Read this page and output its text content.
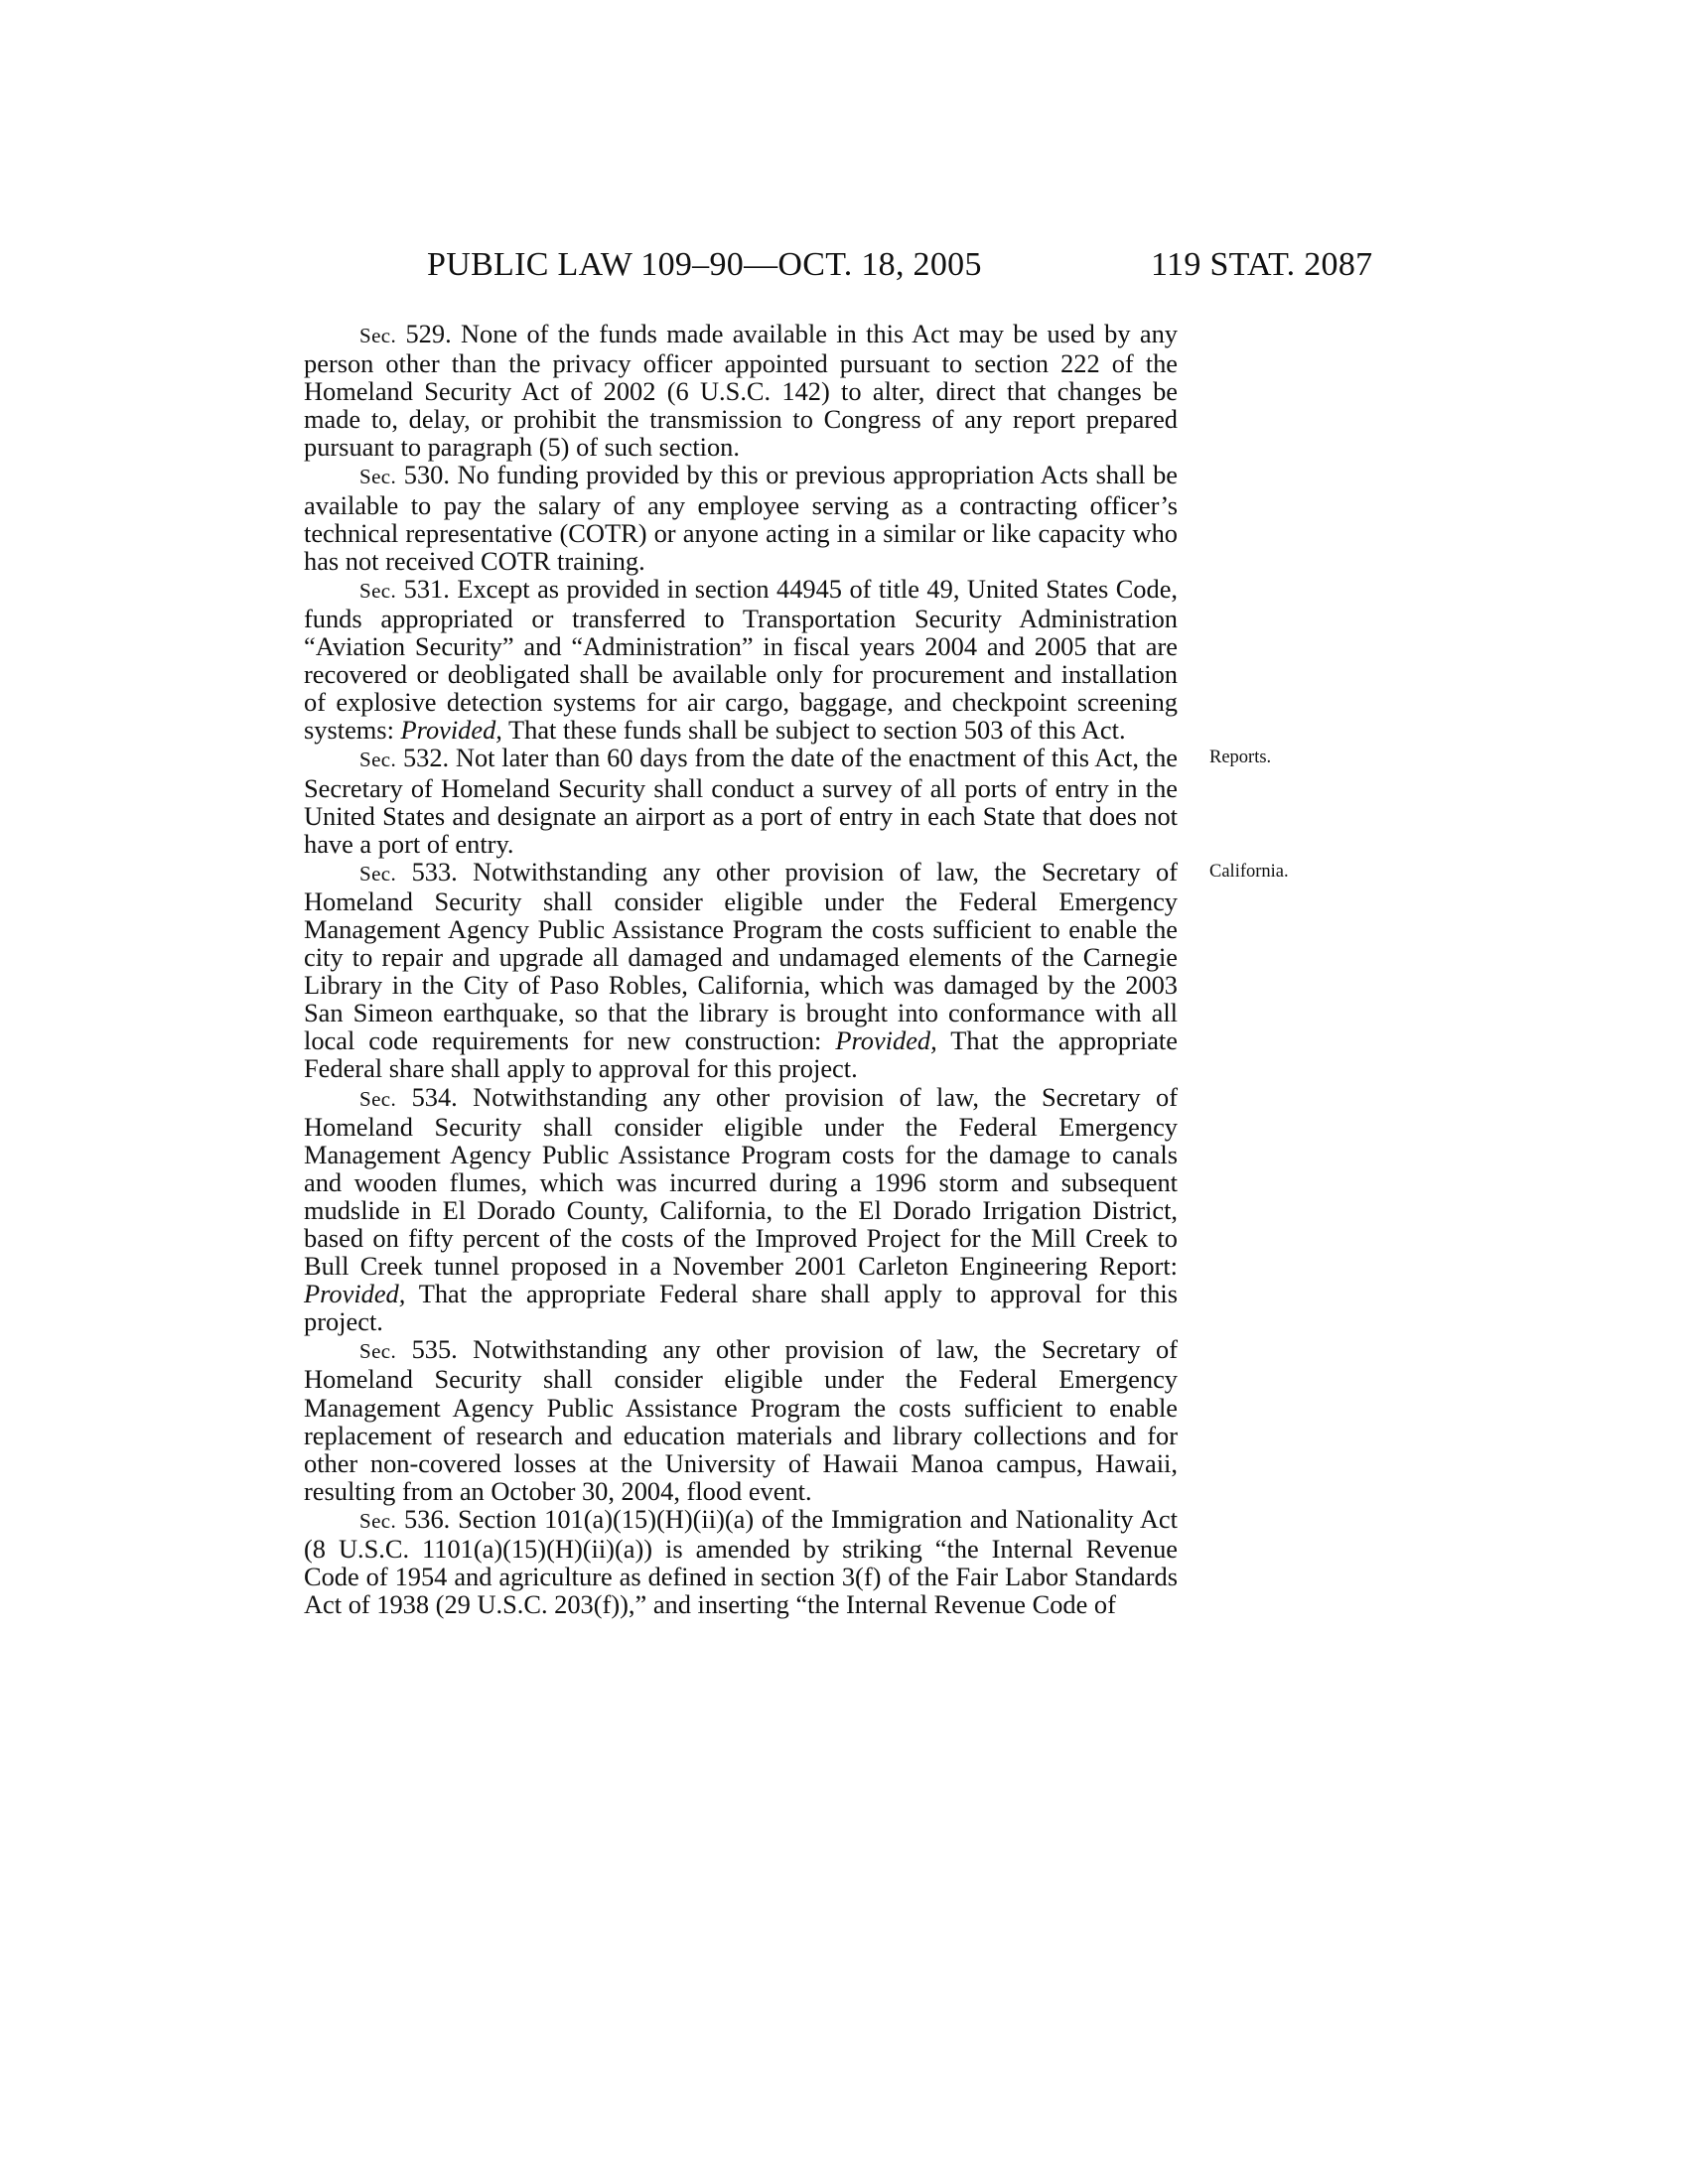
PUBLIC LAW 109–90—OCT. 18, 2005	119 STAT. 2087

Sec. 529. None of the funds made available in this Act may be used by any person other than the privacy officer appointed pursuant to section 222 of the Homeland Security Act of 2002 (6 U.S.C. 142) to alter, direct that changes be made to, delay, or prohibit the transmission to Congress of any report prepared pursuant to paragraph (5) of such section.

Sec. 530. No funding provided by this or previous appropriation Acts shall be available to pay the salary of any employee serving as a contracting officer’s technical representative (COTR) or anyone acting in a similar or like capacity who has not received COTR training.

Sec. 531. Except as provided in section 44945 of title 49, United States Code, funds appropriated or transferred to Transportation Security Administration “Aviation Security” and “Administration” in fiscal years 2004 and 2005 that are recovered or deobligated shall be available only for procurement and installation of explosive detection systems for air cargo, baggage, and checkpoint screening systems: Provided, That these funds shall be subject to section 503 of this Act.

Reports.
Sec. 532. Not later than 60 days from the date of the enactment of this Act, the Secretary of Homeland Security shall conduct a survey of all ports of entry in the United States and designate an airport as a port of entry in each State that does not have a port of entry.

California.
Sec. 533. Notwithstanding any other provision of law, the Secretary of Homeland Security shall consider eligible under the Federal Emergency Management Agency Public Assistance Program the costs sufficient to enable the city to repair and upgrade all damaged and undamaged elements of the Carnegie Library in the City of Paso Robles, California, which was damaged by the 2003 San Simeon earthquake, so that the library is brought into conformance with all local code requirements for new construction: Provided, That the appropriate Federal share shall apply to approval for this project.

Sec. 534. Notwithstanding any other provision of law, the Secretary of Homeland Security shall consider eligible under the Federal Emergency Management Agency Public Assistance Program costs for the damage to canals and wooden flumes, which was incurred during a 1996 storm and subsequent mudslide in El Dorado County, California, to the El Dorado Irrigation District, based on fifty percent of the costs of the Improved Project for the Mill Creek to Bull Creek tunnel proposed in a November 2001 Carleton Engineering Report: Provided, That the appropriate Federal share shall apply to approval for this project.

Sec. 535. Notwithstanding any other provision of law, the Secretary of Homeland Security shall consider eligible under the Federal Emergency Management Agency Public Assistance Program the costs sufficient to enable replacement of research and education materials and library collections and for other non-covered losses at the University of Hawaii Manoa campus, Hawaii, resulting from an October 30, 2004, flood event.

Sec. 536. Section 101(a)(15)(H)(ii)(a) of the Immigration and Nationality Act (8 U.S.C. 1101(a)(15)(H)(ii)(a)) is amended by striking “the Internal Revenue Code of 1954 and agriculture as defined in section 3(f) of the Fair Labor Standards Act of 1938 (29 U.S.C. 203(f)),” and inserting “the Internal Revenue Code of
